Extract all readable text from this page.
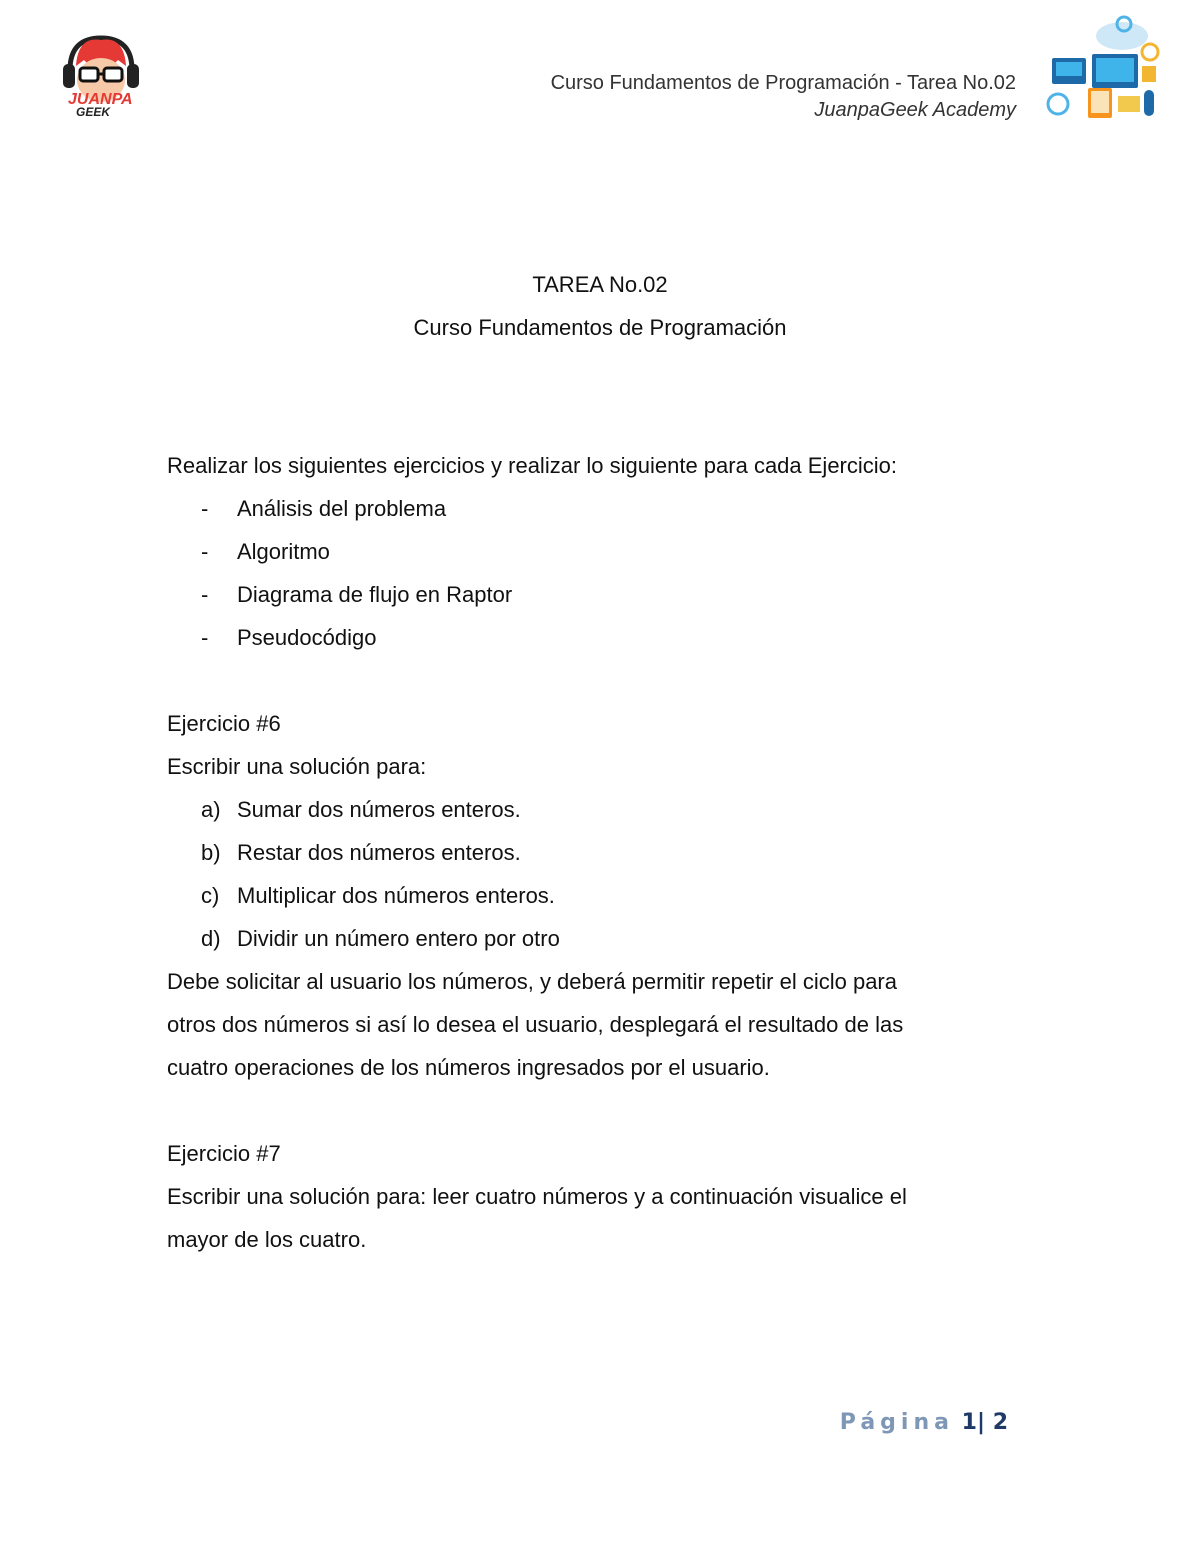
JUANPA
GEEK
Curso Fundamentos de Programación - Tarea No.02
JuanpaGeek Academy
TAREA No.02
Curso Fundamentos de Programación

Realizar los siguientes ejercicios y realizar lo siguiente para cada Ejercicio:

- Análisis del problema
- Algoritmo
- Diagrama de flujo en Raptor
- Pseudocódigo

Ejercicio #6

Escribir una solución para:

a) Sumar dos números enteros.
b) Restar dos números enteros.
c) Multiplicar dos números enteros.
d) Dividir un número entero por otro

Debe solicitar al usuario los números, y deberá permitir repetir el ciclo para

otros dos números si así lo desea el usuario, desplegará el resultado de las

cuatro operaciones de los números ingresados por el usuario.

Ejercicio #7

Escribir una solución para: leer cuatro números y a continuación visualice el

mayor de los cuatro.

Página 1| 2
